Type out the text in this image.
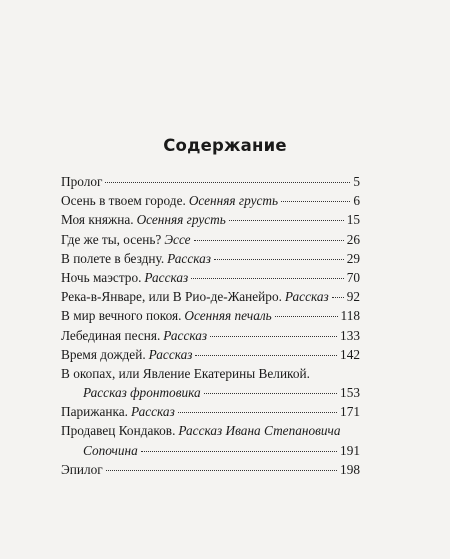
Содержание
Пролог	5
Осень в твоем городе. Осенняя грусть	6
Моя княжна. Осенняя грусть	15
Где же ты, осень? Эссе	26
В полете в бездну. Рассказ	29
Ночь маэстро. Рассказ	70
Река-в-Январе, или В Рио-де-Жанейро. Рассказ 92
В мир вечного покоя. Осенняя печаль	118
Лебединая песня. Рассказ	133
Время дождей. Рассказ	142
В окопах, или Явление Екатерины Великой.
Рассказ фронтовика	153
Парижанка. Рассказ	171
Продавец Кондаков. Рассказ Ивана Степановича
Сопочина	191
Эпилог	198
